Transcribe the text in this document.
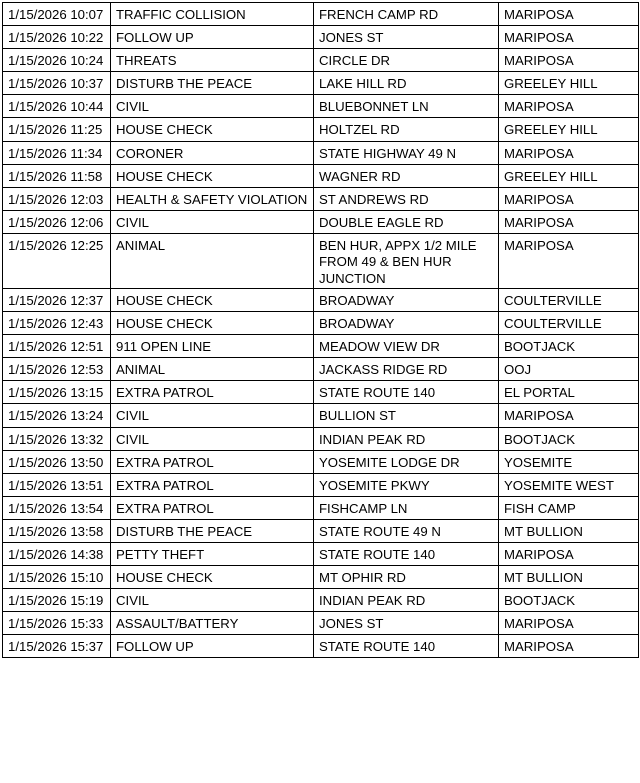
1/15/2026 10:07	TRAFFIC COLLISION	FRENCH CAMP RD	MARIPOSA
1/15/2026 10:22	FOLLOW UP	JONES ST	MARIPOSA
1/15/2026 10:24	THREATS	CIRCLE DR	MARIPOSA
1/15/2026 10:37	DISTURB THE PEACE	LAKE HILL RD	GREELEY HILL
1/15/2026 10:44	CIVIL	BLUEBONNET LN	MARIPOSA
1/15/2026 11:25	HOUSE CHECK	HOLTZEL RD	GREELEY HILL
1/15/2026 11:34	CORONER	STATE HIGHWAY 49 N	MARIPOSA
1/15/2026 11:58	HOUSE CHECK	WAGNER RD	GREELEY HILL
1/15/2026 12:03	HEALTH & SAFETY VIOLATION	ST ANDREWS RD	MARIPOSA
1/15/2026 12:06	CIVIL	DOUBLE EAGLE RD	MARIPOSA
1/15/2026 12:25	ANIMAL	BEN HUR, APPX 1/2 MILE FROM 49 & BEN HUR JUNCTION	MARIPOSA
1/15/2026 12:37	HOUSE CHECK	BROADWAY	COULTERVILLE
1/15/2026 12:43	HOUSE CHECK	BROADWAY	COULTERVILLE
1/15/2026 12:51	911 OPEN LINE	MEADOW VIEW DR	BOOTJACK
1/15/2026 12:53	ANIMAL	JACKASS RIDGE RD	OOJ
1/15/2026 13:15	EXTRA PATROL	STATE ROUTE 140	EL PORTAL
1/15/2026 13:24	CIVIL	BULLION ST	MARIPOSA
1/15/2026 13:32	CIVIL	INDIAN PEAK RD	BOOTJACK
1/15/2026 13:50	EXTRA PATROL	YOSEMITE LODGE DR	YOSEMITE
1/15/2026 13:51	EXTRA PATROL	YOSEMITE PKWY	YOSEMITE WEST
1/15/2026 13:54	EXTRA PATROL	FISHCAMP LN	FISH CAMP
1/15/2026 13:58	DISTURB THE PEACE	STATE ROUTE 49 N	MT BULLION
1/15/2026 14:38	PETTY THEFT	STATE ROUTE 140	MARIPOSA
1/15/2026 15:10	HOUSE CHECK	MT OPHIR RD	MT BULLION
1/15/2026 15:19	CIVIL	INDIAN PEAK RD	BOOTJACK
1/15/2026 15:33	ASSAULT/BATTERY	JONES ST	MARIPOSA
1/15/2026 15:37	FOLLOW UP	STATE ROUTE 140	MARIPOSA
